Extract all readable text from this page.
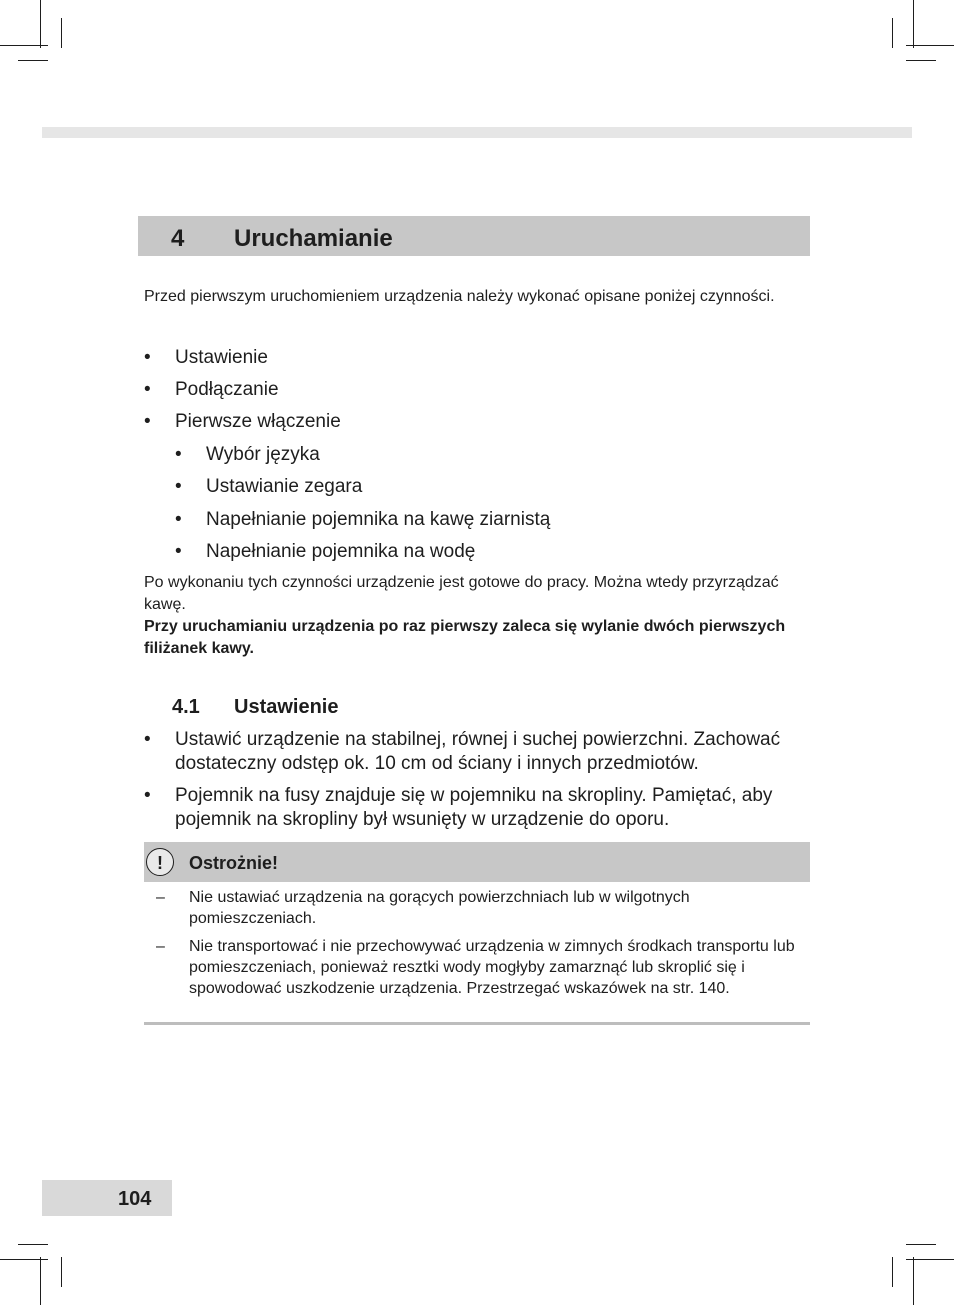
4 Uruchamianie
Przed pierwszym uruchomieniem urządzenia należy wykonać opisane poniżej czynności.
• Ustawienie
• Podłączanie
• Pierwsze włączenie
• Wybór języka
• Ustawianie zegara
• Napełnianie pojemnika na kawę ziarnistą
• Napełnianie pojemnika na wodę
Po wykonaniu tych czynności urządzenie jest gotowe do pracy. Można wtedy przyrządzać kawę.
Przy uruchamianiu urządzenia po raz pierwszy zaleca się wylanie dwóch pierwszych filiżanek kawy.
4.1 Ustawienie
• Ustawić urządzenie na stabilnej, równej i suchej powierzchni. Zachować dostateczny odstęp ok. 10 cm od ściany i innych przedmiotów.
• Pojemnik na fusy znajduje się w pojemniku na skropliny. Pamiętać, aby pojemnik na skropliny był wsunięty w urządzenie do oporu.
!	Ostrożnie!
– Nie ustawiać urządzenia na gorących powierzchniach lub w wilgotnych pomieszczeniach.
– Nie transportować i nie przechowywać urządzenia w zimnych środkach transportu lub pomieszczeniach, ponieważ resztki wody mogłyby zamarznąć lub skroplić się i spowodować uszkodzenie urządzenia. Przestrzegać wskazówek na str. 140.
104
